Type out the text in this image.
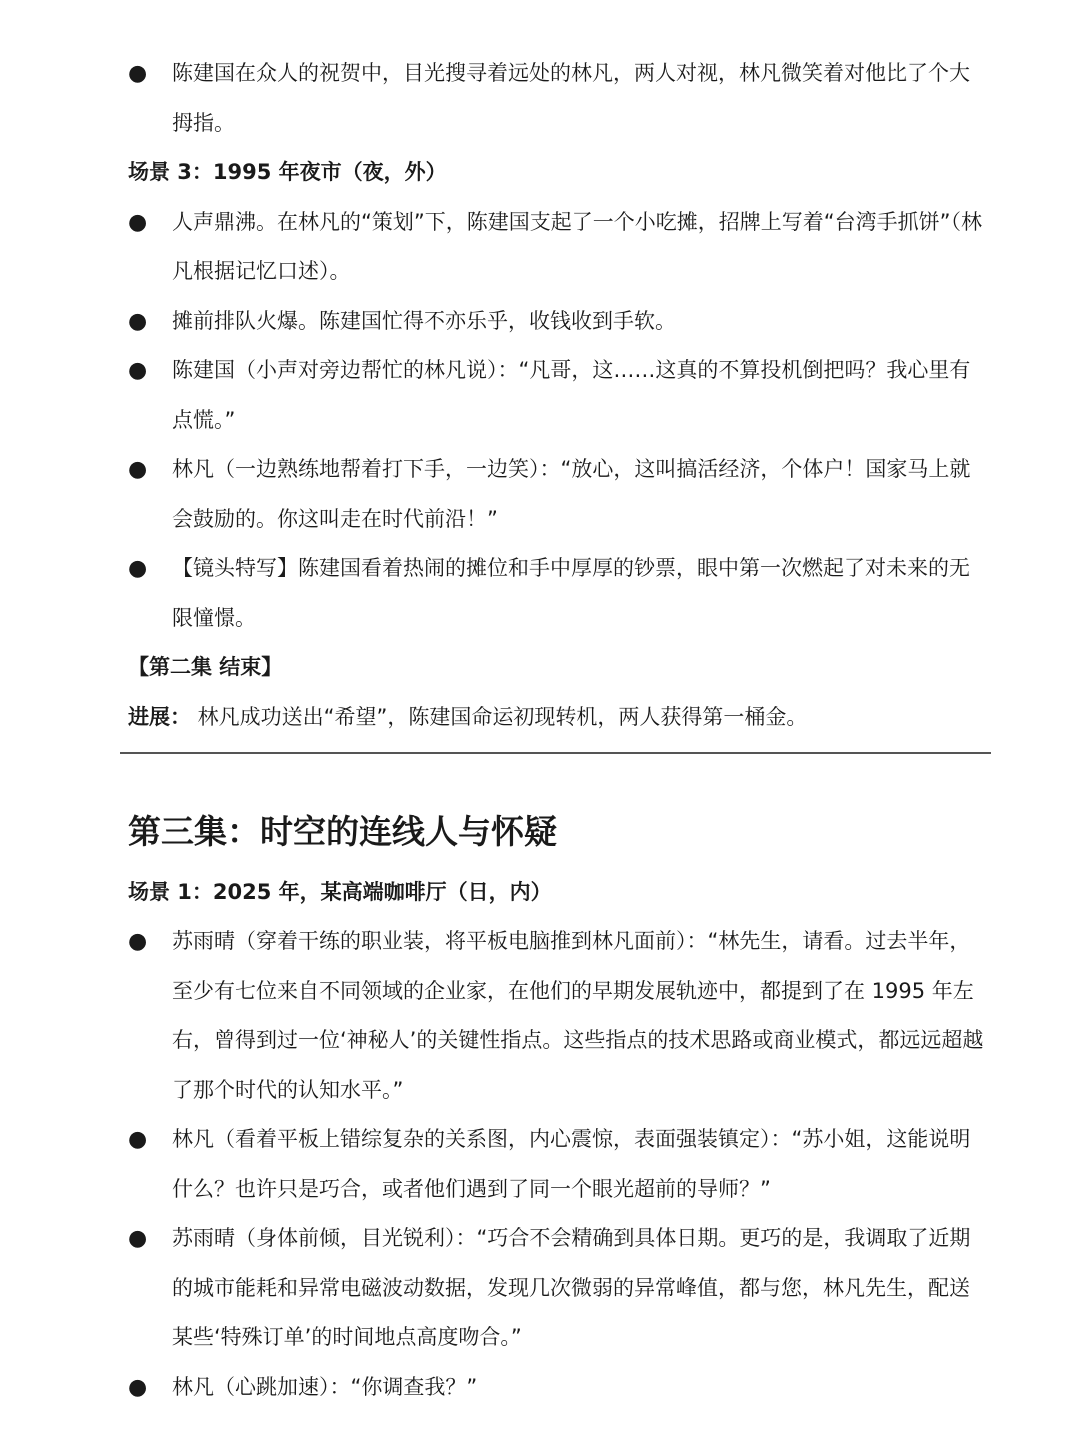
● 陈建国在众人的祝贺中，目光搜寻着远处的林凡，两人对视，林凡微笑着对他比了个大拇指。
场景 3：1995 年夜市（夜，外）
● 人声鼎沸。在林凡的“策划”下，陈建国支起了一个小吃摊，招牌上写着“台湾手抓饼”（林凡根据记忆口述）。
● 摊前排队火爆。陈建国忙得不亦乐乎，收钱收到手软。
● 陈建国（小声对旁边帮忙的林凡说）：“凡哥，这……这真的不算投机倒把吗？我心里有点慌。”
● 林凡（一边熟练地帮着打下手，一边笑）：“放心，这叫搞活经济，个体户！国家马上就会鼓励的。你这叫走在时代前沿！”
● 【镜头特写】陈建国看着热闹的摊位和手中厚厚的钞票，眼中第一次燃起了对未来的无限憧憬。
【第二集 结束】
进展： 林凡成功送出“希望”，陈建国命运初现转机，两人获得第一桶金。
第三集：时空的连线人与怀疑
场景 1：2025 年，某高端咖啡厅（日，内）
● 苏雨晴（穿着干练的职业装，将平板电脑推到林凡面前）：“林先生，请看。过去半年，至少有七位来自不同领域的企业家，在他们的早期发展轨迹中，都提到了在 1995 年左右，曾得到过一位‘神秘人’的关键性指点。这些指点的技术思路或商业模式，都远远超越了那个时代的认知水平。”
● 林凡（看着平板上错综复杂的关系图，内心震惊，表面强装镇定）：“苏小姐，这能说明什么？也许只是巧合，或者他们遇到了同一个眼光超前的导师？”
● 苏雨晴（身体前倾，目光锐利）：“巧合不会精确到具体日期。更巧的是，我调取了近期的城市能耗和异常电磁波动数据，发现几次微弱的异常峰值，都与您，林凡先生，配送某些‘特殊订单’的时间地点高度吻合。”
● 林凡（心跳加速）：“你调查我？”
